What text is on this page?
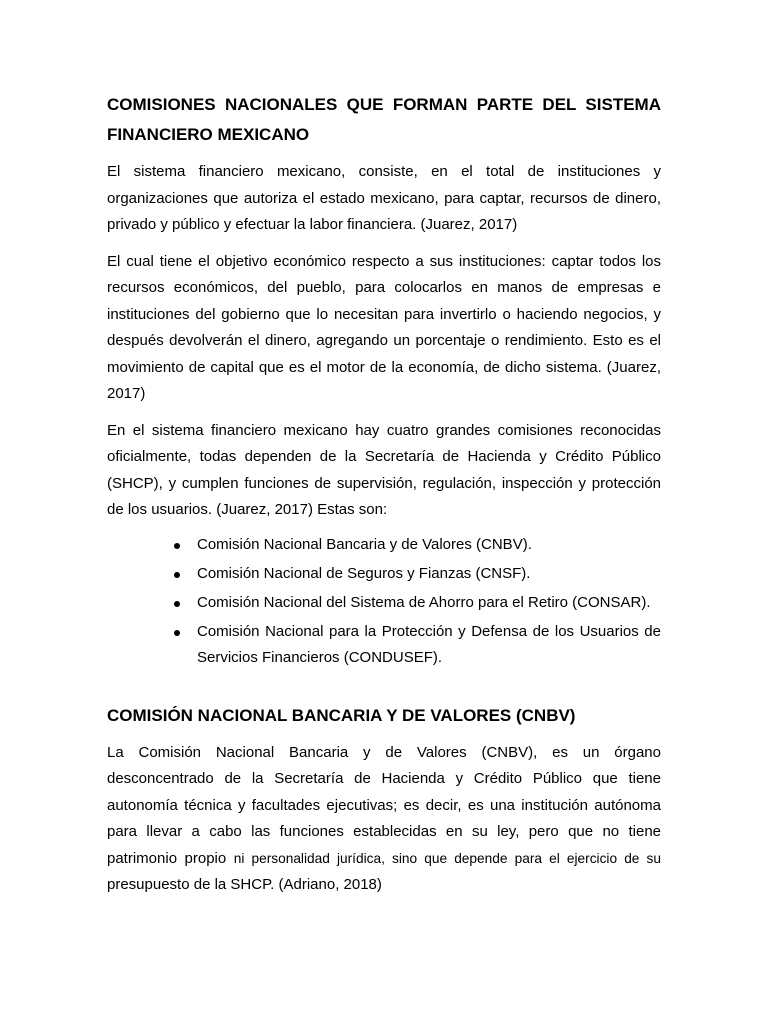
COMISIONES NACIONALES QUE FORMAN PARTE DEL SISTEMA FINANCIERO MEXICANO

El sistema financiero mexicano, consiste, en el total de instituciones y organizaciones que autoriza el estado mexicano, para captar, recursos de dinero, privado y público y efectuar la labor financiera. (Juarez, 2017)

El cual tiene el objetivo económico respecto a sus instituciones: captar todos los recursos económicos, del pueblo, para colocarlos en manos de empresas e instituciones del gobierno que lo necesitan para invertirlo o haciendo negocios, y después devolverán el dinero, agregando un porcentaje o rendimiento. Esto es el movimiento de capital que es el motor de la economía, de dicho sistema. (Juarez, 2017)

En el sistema financiero mexicano hay cuatro grandes comisiones reconocidas oficialmente, todas dependen de la Secretaría de Hacienda y Crédito Público (SHCP), y cumplen funciones de supervisión, regulación, inspección y protección de los usuarios. (Juarez, 2017) Estas son:

Comisión Nacional Bancaria y de Valores (CNBV).
Comisión Nacional de Seguros y Fianzas (CNSF).
Comisión Nacional del Sistema de Ahorro para el Retiro (CONSAR).
Comisión Nacional para la Protección y Defensa de los Usuarios de Servicios Financieros (CONDUSEF).
COMISIÓN NACIONAL BANCARIA Y DE VALORES (CNBV)

La Comisión Nacional Bancaria y de Valores (CNBV), es un órgano desconcentrado de la Secretaría de Hacienda y Crédito Público que tiene autonomía técnica y facultades ejecutivas; es decir, es una institución autónoma para llevar a cabo las funciones establecidas en su ley, pero que no tiene patrimonio propio ni personalidad jurídica, sino que depende para el ejercicio de su presupuesto de la SHCP. (Adriano, 2018)
